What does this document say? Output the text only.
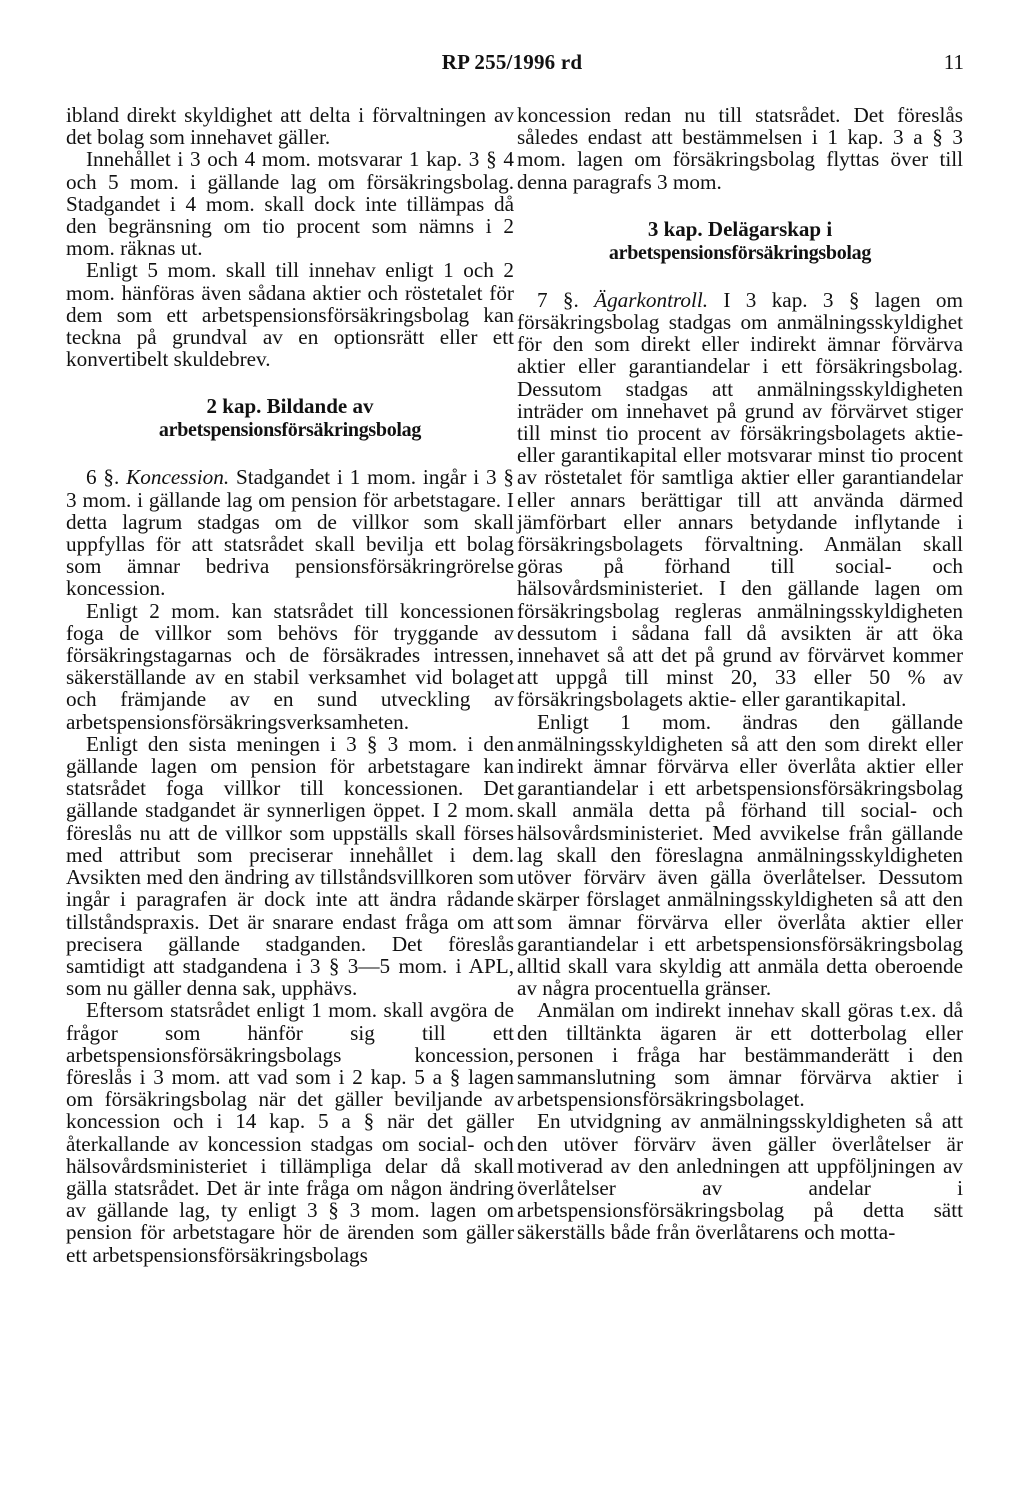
RP 255/1996 rd	11

ibland direkt skyldighet att delta i förvaltningen av det bolag som innehavet gäller.

Innehållet i 3 och 4 mom. motsvarar 1 kap. 3 § 4 och 5 mom. i gällande lag om försäkringsbolag. Stadgandet i 4 mom. skall dock inte tillämpas då den begränsning om tio procent som nämns i 2 mom. räknas ut.

Enligt 5 mom. skall till innehav enligt 1 och 2 mom. hänföras även sådana aktier och röstetalet för dem som ett arbetspensionsförsäkringsbolag kan teckna på grundval av en optionsrätt eller ett konvertibelt skuldebrev.

2 kap. Bildande av

arbetspensionsförsäkringsbolag

6 §. Koncession. Stadgandet i 1 mom. ingår i 3 § 3 mom. i gällande lag om pension för arbetstagare. I detta lagrum stadgas om de villkor som skall uppfyllas för att statsrådet skall bevilja ett bolag som ämnar bedriva pensionsförsäkringrörelse koncession.

Enligt 2 mom. kan statsrådet till koncessionen foga de villkor som behövs för tryggande av försäkringstagarnas och de försäkrades intressen, säkerställande av en stabil verksamhet vid bolaget och främjande av en sund utveckling av arbetspensionsförsäkringsverksamheten.

Enligt den sista meningen i 3 § 3 mom. i den gällande lagen om pension för arbetstagare kan statsrådet foga villkor till koncessionen. Det gällande stadgandet är synnerligen öppet. I 2 mom. föreslås nu att de villkor som uppställs skall förses med attribut som preciserar innehållet i dem. Avsikten med den ändring av tillståndsvillkoren som ingår i paragrafen är dock inte att ändra rådande tillståndspraxis. Det är snarare endast fråga om att precisera gällande stadganden. Det föreslås samtidigt att stadgandena i 3 § 3—5 mom. i APL, som nu gäller denna sak, upphävs.

Eftersom statsrådet enligt 1 mom. skall avgöra de frågor som hänför sig till ett arbetspensionsförsäkringsbolags koncession, föreslås i 3 mom. att vad som i 2 kap. 5 a § lagen om försäkringsbolag när det gäller beviljande av koncession och i 14 kap. 5 a § när det gäller återkallande av koncession stadgas om social- och hälsovårdsministeriet i tillämpliga delar då skall gälla statsrådet. Det är inte fråga om någon ändring av gällande lag, ty enligt 3 § 3 mom. lagen om pension för arbetstagare hör de ärenden som gäller ett arbetspensionsförsäkringsbolags

koncession redan nu till statsrådet. Det föreslås således endast att bestämmelsen i 1 kap. 3 a § 3 mom. lagen om försäkringsbolag flyttas över till denna paragrafs 3 mom.

3 kap. Delägarskap i

arbetspensionsförsäkringsbolag

7 §. Ägarkontroll. I 3 kap. 3 § lagen om försäkringsbolag stadgas om anmälningsskyldighet för den som direkt eller indirekt ämnar förvärva aktier eller garantiandelar i ett försäkringsbolag. Dessutom stadgas att anmälningsskyldigheten inträder om innehavet på grund av förvärvet stiger till minst tio procent av försäkringsbolagets aktie- eller garantikapital eller motsvarar minst tio procent av röstetalet för samtliga aktier eller garantiandelar eller annars berättigar till att använda därmed jämförbart eller annars betydande inflytande i försäkringsbolagets förvaltning. Anmälan skall göras på förhand till social- och hälsovårdsministeriet. I den gällande lagen om försäkringsbolag regleras anmälningsskyldigheten dessutom i sådana fall då avsikten är att öka innehavet så att det på grund av förvärvet kommer att uppgå till minst 20, 33 eller 50 % av försäkringsbolagets aktie- eller garantikapital.

Enligt 1 mom. ändras den gällande anmälningsskyldigheten så att den som direkt eller indirekt ämnar förvärva eller överlåta aktier eller garantiandelar i ett arbetspensionsförsäkringsbolag skall anmäla detta på förhand till social- och hälsovårdsministeriet. Med avvikelse från gällande lag skall den föreslagna anmälningsskyldigheten utöver förvärv även gälla överlåtelser. Dessutom skärper förslaget anmälningsskyldigheten så att den som ämnar förvärva eller överlåta aktier eller garantiandelar i ett arbetspensionsförsäkringsbolag alltid skall vara skyldig att anmäla detta oberoende av några procentuella gränser.

Anmälan om indirekt innehav skall göras t.ex. då den tilltänkta ägaren är ett dotterbolag eller personen i fråga har bestämmanderätt i den sammanslutning som ämnar förvärva aktier i arbetspensionsförsäkringsbolaget.

En utvidgning av anmälningsskyldigheten så att den utöver förvärv även gäller överlåtelser är motiverad av den anledningen att uppföljningen av överlåtelser av andelar i arbetspensionsförsäkringsbolag på detta sätt säkerställs både från överlåtarens och motta-
